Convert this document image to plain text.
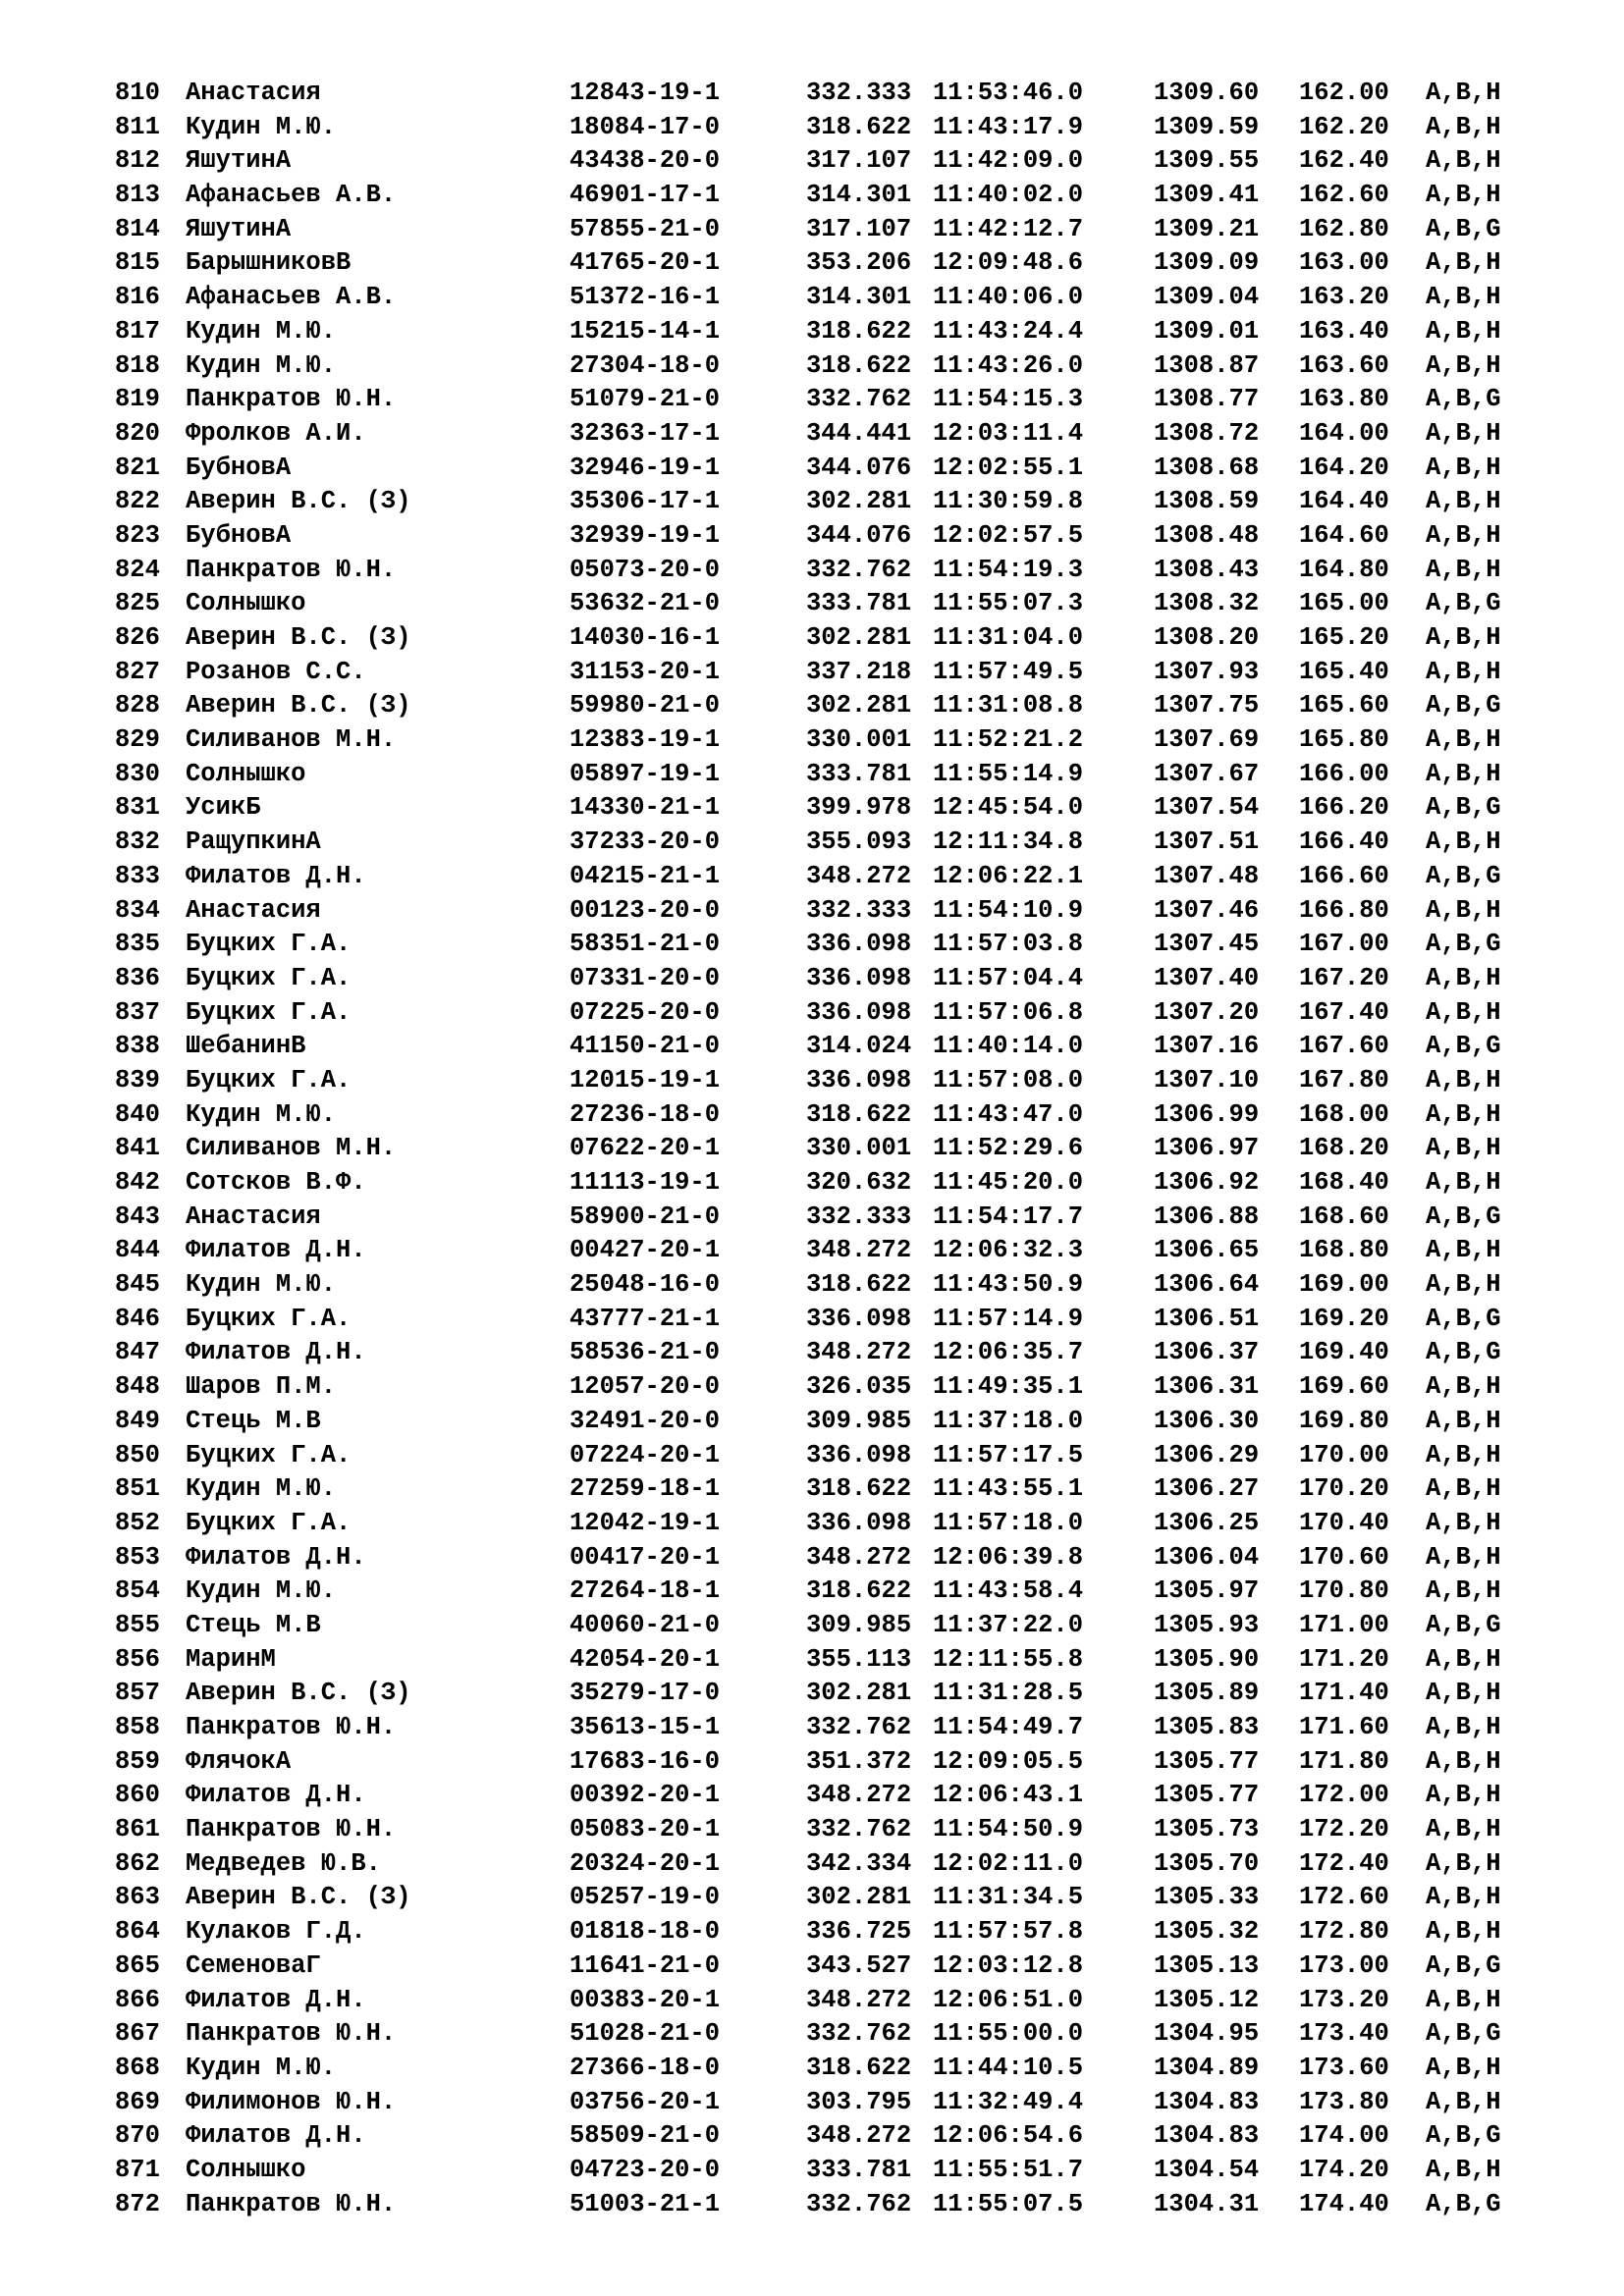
810	Анастасия	12843-19-1	332.333 11:53:46.0	1309.60	162.00	A,B,H
811	Кудин М.Ю.	18084-17-0	318.622 11:43:17.9	1309.59	162.20	A,B,H
812	ЯшутинА	43438-20-0	317.107 11:42:09.0	1309.55	162.40	A,B,H
813	Афанасьев А.В.	46901-17-1	314.301 11:40:02.0	1309.41	162.60	A,B,H
814	ЯшутинА	57855-21-0	317.107 11:42:12.7	1309.21	162.80	A,B,G
815	БарышниковВ	41765-20-1	353.206 12:09:48.6	1309.09	163.00	A,B,H
816	Афанасьев А.В.	51372-16-1	314.301 11:40:06.0	1309.04	163.20	A,B,H
817	Кудин М.Ю.	15215-14-1	318.622 11:43:24.4	1309.01	163.40	A,B,H
818	Кудин М.Ю.	27304-18-0	318.622 11:43:26.0	1308.87	163.60	A,B,H
819	Панкратов Ю.Н.	51079-21-0	332.762 11:54:15.3	1308.77	163.80	A,B,G
820	Фролков А.И.	32363-17-1	344.441 12:03:11.4	1308.72	164.00	A,B,H
821	БубновА	32946-19-1	344.076 12:02:55.1	1308.68	164.20	A,B,H
822	Аверин В.С. (З)	35306-17-1	302.281 11:30:59.8	1308.59	164.40	A,B,H
823	БубновА	32939-19-1	344.076 12:02:57.5	1308.48	164.60	A,B,H
824	Панкратов Ю.Н.	05073-20-0	332.762 11:54:19.3	1308.43	164.80	A,B,H
825	Солнышко	53632-21-0	333.781 11:55:07.3	1308.32	165.00	A,B,G
826	Аверин В.С. (З)	14030-16-1	302.281 11:31:04.0	1308.20	165.20	A,B,H
827	Розанов С.С.	31153-20-1	337.218 11:57:49.5	1307.93	165.40	A,B,H
828	Аверин В.С. (З)	59980-21-0	302.281 11:31:08.8	1307.75	165.60	A,B,G
829	Силиванов М.Н.	12383-19-1	330.001 11:52:21.2	1307.69	165.80	A,B,H
830	Солнышко	05897-19-1	333.781 11:55:14.9	1307.67	166.00	A,B,H
831	УсикБ	14330-21-1	399.978 12:45:54.0	1307.54	166.20	A,B,G
832	РащупкинА	37233-20-0	355.093 12:11:34.8	1307.51	166.40	A,B,H
833	Филатов Д.Н.	04215-21-1	348.272 12:06:22.1	1307.48	166.60	A,B,G
834	Анастасия	00123-20-0	332.333 11:54:10.9	1307.46	166.80	A,B,H
835	Буцких Г.А.	58351-21-0	336.098 11:57:03.8	1307.45	167.00	A,B,G
836	Буцких Г.А.	07331-20-0	336.098 11:57:04.4	1307.40	167.20	A,B,H
837	Буцких Г.А.	07225-20-0	336.098 11:57:06.8	1307.20	167.40	A,B,H
838	ШебанинВ	41150-21-0	314.024 11:40:14.0	1307.16	167.60	A,B,G
839	Буцких Г.А.	12015-19-1	336.098 11:57:08.0	1307.10	167.80	A,B,H
840	Кудин М.Ю.	27236-18-0	318.622 11:43:47.0	1306.99	168.00	A,B,H
841	Силиванов М.Н.	07622-20-1	330.001 11:52:29.6	1306.97	168.20	A,B,H
842	Сотсков В.Ф.	11113-19-1	320.632 11:45:20.0	1306.92	168.40	A,B,H
843	Анастасия	58900-21-0	332.333 11:54:17.7	1306.88	168.60	A,B,G
844	Филатов Д.Н.	00427-20-1	348.272 12:06:32.3	1306.65	168.80	A,B,H
845	Кудин М.Ю.	25048-16-0	318.622 11:43:50.9	1306.64	169.00	A,B,H
846	Буцких Г.А.	43777-21-1	336.098 11:57:14.9	1306.51	169.20	A,B,G
847	Филатов Д.Н.	58536-21-0	348.272 12:06:35.7	1306.37	169.40	A,B,G
848	Шаров П.М.	12057-20-0	326.035 11:49:35.1	1306.31	169.60	A,B,H
849	Стець М.В	32491-20-0	309.985 11:37:18.0	1306.30	169.80	A,B,H
850	Буцких Г.А.	07224-20-1	336.098 11:57:17.5	1306.29	170.00	A,B,H
851	Кудин М.Ю.	27259-18-1	318.622 11:43:55.1	1306.27	170.20	A,B,H
852	Буцких Г.А.	12042-19-1	336.098 11:57:18.0	1306.25	170.40	A,B,H
853	Филатов Д.Н.	00417-20-1	348.272 12:06:39.8	1306.04	170.60	A,B,H
854	Кудин М.Ю.	27264-18-1	318.622 11:43:58.4	1305.97	170.80	A,B,H
855	Стець М.В	40060-21-0	309.985 11:37:22.0	1305.93	171.00	A,B,G
856	МаринМ	42054-20-1	355.113 12:11:55.8	1305.90	171.20	A,B,H
857	Аверин В.С. (З)	35279-17-0	302.281 11:31:28.5	1305.89	171.40	A,B,H
858	Панкратов Ю.Н.	35613-15-1	332.762 11:54:49.7	1305.83	171.60	A,B,H
859	ФлячокА	17683-16-0	351.372 12:09:05.5	1305.77	171.80	A,B,H
860	Филатов Д.Н.	00392-20-1	348.272 12:06:43.1	1305.77	172.00	A,B,H
861	Панкратов Ю.Н.	05083-20-1	332.762 11:54:50.9	1305.73	172.20	A,B,H
862	Медведев Ю.В.	20324-20-1	342.334 12:02:11.0	1305.70	172.40	A,B,H
863	Аверин В.С. (З)	05257-19-0	302.281 11:31:34.5	1305.33	172.60	A,B,H
864	Кулаков Г.Д.	01818-18-0	336.725 11:57:57.8	1305.32	172.80	A,B,H
865	СеменоваГ	11641-21-0	343.527 12:03:12.8	1305.13	173.00	A,B,G
866	Филатов Д.Н.	00383-20-1	348.272 12:06:51.0	1305.12	173.20	A,B,H
867	Панкратов Ю.Н.	51028-21-0	332.762 11:55:00.0	1304.95	173.40	A,B,G
868	Кудин М.Ю.	27366-18-0	318.622 11:44:10.5	1304.89	173.60	A,B,H
869	Филимонов Ю.Н.	03756-20-1	303.795 11:32:49.4	1304.83	173.80	A,B,H
870	Филатов Д.Н.	58509-21-0	348.272 12:06:54.6	1304.83	174.00	A,B,G
871	Солнышко	04723-20-0	333.781 11:55:51.7	1304.54	174.20	A,B,H
872	Панкратов Ю.Н.	51003-21-1	332.762 11:55:07.5	1304.31	174.40	A,B,G
